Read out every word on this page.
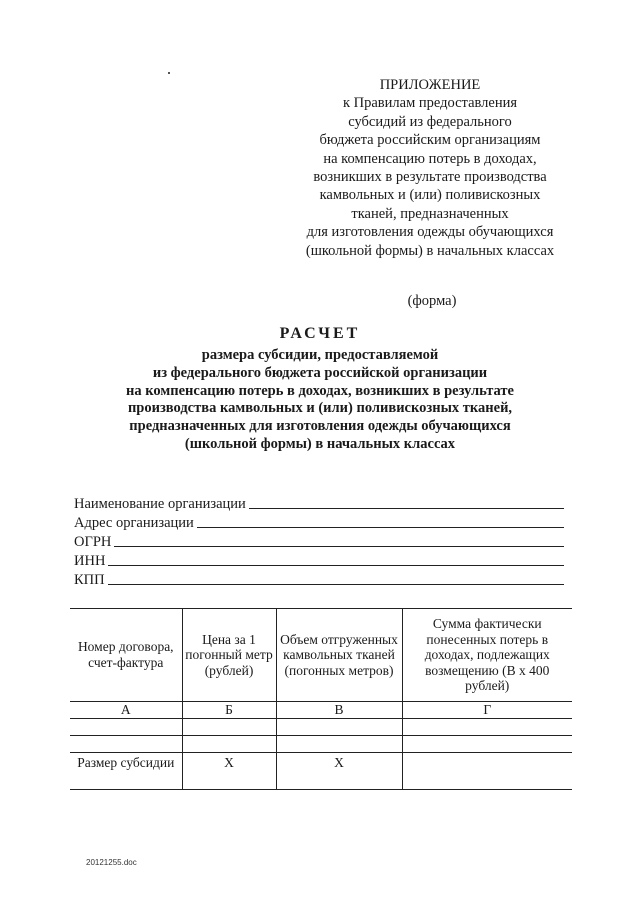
ПРИЛОЖЕНИЕ
к Правилам предоставления
субсидий из федерального
бюджета российским организациям
на компенсацию потерь в доходах,
возникших в результате производства
камвольных и (или) поливискозных
тканей, предназначенных
для изготовления одежды обучающихся
(школьной формы) в начальных классах
(форма)
РАСЧЕТ
размера субсидии, предоставляемой
из федерального бюджета российской организации
на компенсацию потерь в доходах, возникших в результате
производства камвольных и (или) поливискозных тканей,
предназначенных для изготовления одежды обучающихся
(школьной формы) в начальных классах
Наименование организации
Адрес организации
ОГРН
ИНН
КПП
Номер договора, счет-фактура	Цена за 1 погонный метр (рублей)	Объем отгруженных камвольных тканей (погонных метров)	Сумма фактически понесенных потерь в доходах, подлежащих возмещению (В х 400 рублей)
А	Б	В	Г

Размер субсидии	Х	Х	
20121255.doc
